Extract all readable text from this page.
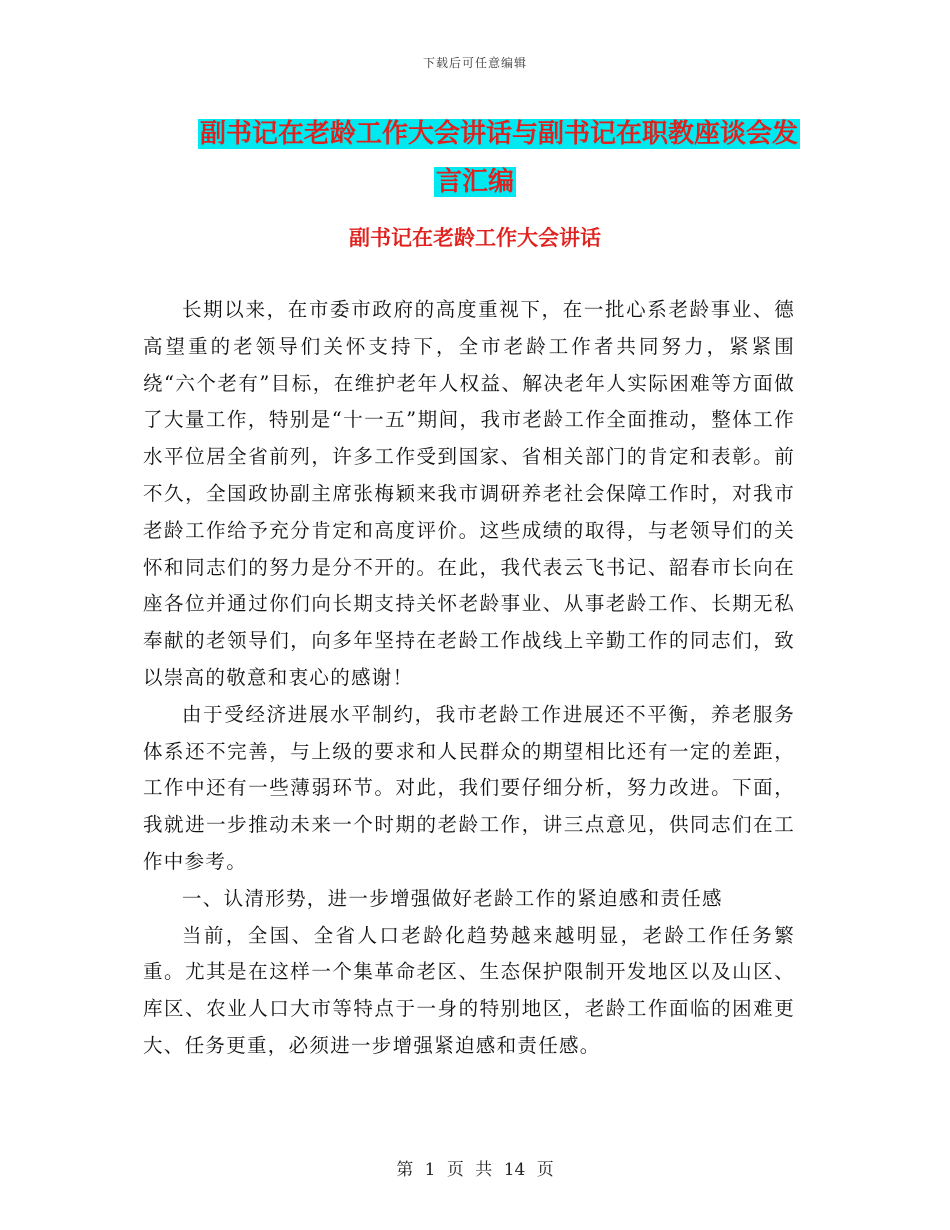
下载后可任意编辑
副书记在老龄工作大会讲话与副书记在职教座谈会发
言汇编
副书记在老龄工作大会讲话

长期以来，在市委市政府的高度重视下，在一批心系老龄事业、德高望重的老领导们关怀支持下，全市老龄工作者共同努力，紧紧围绕“六个老有”目标，在维护老年人权益、解决老年人实际困难等方面做了大量工作，特别是“十一五”期间，我市老龄工作全面推动，整体工作水平位居全省前列，许多工作受到国家、省相关部门的肯定和表彰。前不久，全国政协副主席张梅颖来我市调研养老社会保障工作时，对我市老龄工作给予充分肯定和高度评价。这些成绩的取得，与老领导们的关怀和同志们的努力是分不开的。在此，我代表云飞书记、韶春市长向在座各位并通过你们向长期支持关怀老龄事业、从事老龄工作、长期无私奉献的老领导们，向多年坚持在老龄工作战线上辛勤工作的同志们，致以崇高的敬意和衷心的感谢！

由于受经济进展水平制约，我市老龄工作进展还不平衡，养老服务体系还不完善，与上级的要求和人民群众的期望相比还有一定的差距，工作中还有一些薄弱环节。对此，我们要仔细分析，努力改进。下面，我就进一步推动未来一个时期的老龄工作，讲三点意见，供同志们在工作中参考。

一、认清形势，进一步增强做好老龄工作的紧迫感和责任感

当前，全国、全省人口老龄化趋势越来越明显，老龄工作任务繁重。尤其是在这样一个集革命老区、生态保护限制开发地区以及山区、库区、农业人口大市等特点于一身的特别地区，老龄工作面临的困难更大、任务更重，必须进一步增强紧迫感和责任感。

第 1 页 共 14 页
